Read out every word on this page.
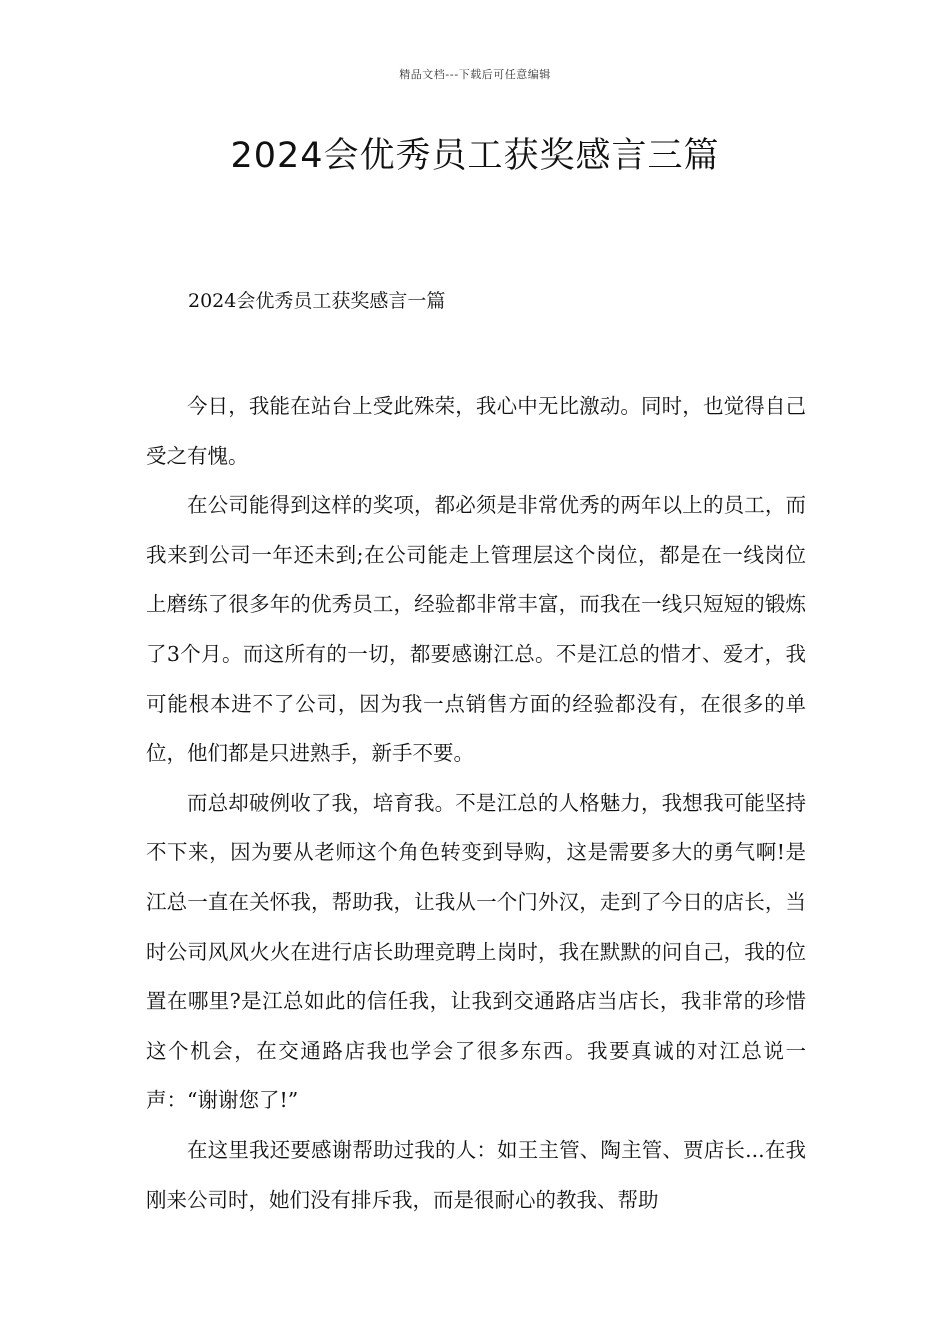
精品文档---下载后可任意编辑
2024会优秀员工获奖感言三篇
2024会优秀员工获奖感言一篇

今日，我能在站台上受此殊荣，我心中无比激动。同时，也觉得自己受之有愧。

在公司能得到这样的奖项，都必须是非常优秀的两年以上的员工，而我来到公司一年还未到;在公司能走上管理层这个岗位，都是在一线岗位上磨练了很多年的优秀员工，经验都非常丰富，而我在一线只短短的锻炼了3个月。而这所有的一切，都要感谢江总。不是江总的惜才、爱才，我可能根本进不了公司，因为我一点销售方面的经验都没有，在很多的单位，他们都是只进熟手，新手不要。

而总却破例收了我，培育我。不是江总的人格魅力，我想我可能坚持不下来，因为要从老师这个角色转变到导购，这是需要多大的勇气啊!是江总一直在关怀我，帮助我，让我从一个门外汉，走到了今日的店长，当时公司风风火火在进行店长助理竞聘上岗时，我在默默的问自己，我的位置在哪里?是江总如此的信任我，让我到交通路店当店长，我非常的珍惜这个机会，在交通路店我也学会了很多东西。我要真诚的对江总说一声：“谢谢您了!”

在这里我还要感谢帮助过我的人：如王主管、陶主管、贾店长...在我刚来公司时，她们没有排斥我，而是很耐心的教我、帮助
